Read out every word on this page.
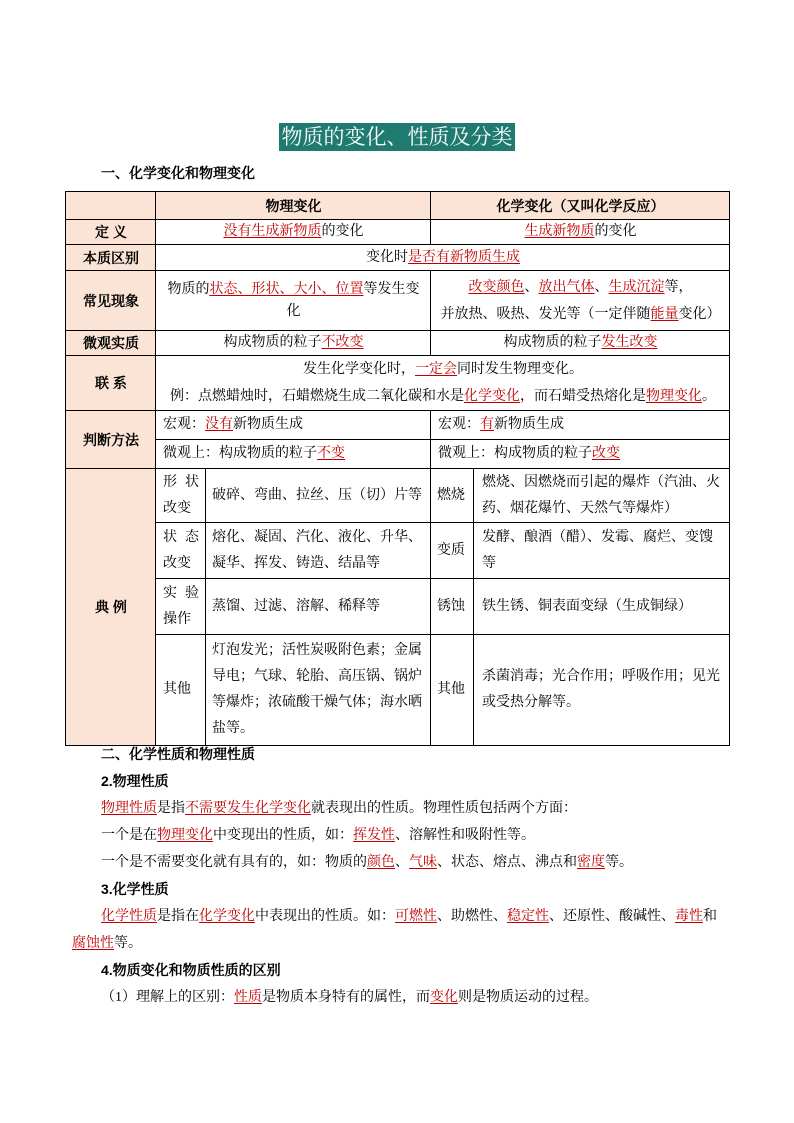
物质的变化、性质及分类
一、化学变化和物理变化
	物理变化		化学变化（又叫化学反应）	
定 义	没有生成新物质的变化		生成新物质的变化	
本质区别	变化时是否有新物质生成			
常见现象	物质的状态、形状、大小、位置等发生变化		改变颜色、放出气体、生成沉淀等，
并放热、吸热、发光等（一定伴随能量变化）	

微观实质	构成物质的粒子不改变		构成物质的粒子发生改变	
联 系	发生化学变化时，一定会同时发生物理变化。
例：点燃蜡烛时，石蜡燃烧生成二氧化碳和水是化学变化，而石蜡受热熔化是物理变化。			

判断方法	宏观：没有新物质生成		宏观：有新物质生成	
	微观上：构成物质的粒子不变		微观上：构成物质的粒子改变	
典 例	形状改变	破碎、弯曲、拉丝、压（切）片等	燃烧	燃烧、因燃烧而引起的爆炸（汽油、火药、烟花爆竹、天然气等爆炸）
	状态改变	熔化、凝固、汽化、液化、升华、凝华、挥发、铸造、结晶等	变质	发酵、酿酒（醋）、发霉、腐烂、变馊等
	实验操作	蒸馏、过滤、溶解、稀释等	锈蚀	铁生锈、铜表面变绿（生成铜绿）
	其他	灯泡发光；活性炭吸附色素；金属导电；气球、轮胎、高压锅、锅炉等爆炸；浓硫酸干燥气体；海水晒盐等。	其他	杀菌消毒；光合作用；呼吸作用；见光或受热分解等。
二、化学性质和物理性质
2.物理性质

物理性质是指不需要发生化学变化就表现出的性质。物理性质包括两个方面：

一个是在物理变化中变现出的性质，如：挥发性、溶解性和吸附性等。

一个是不需要变化就有具有的，如：物质的颜色、气味、状态、熔点、沸点和密度等。

3.化学性质

化学性质是指在化学变化中表现出的性质。如：可燃性、助燃性、稳定性、还原性、酸碱性、毒性和腐蚀性等。

4.物质变化和物质性质的区别

（1）理解上的区别：性质是物质本身特有的属性，而变化则是物质运动的过程。
